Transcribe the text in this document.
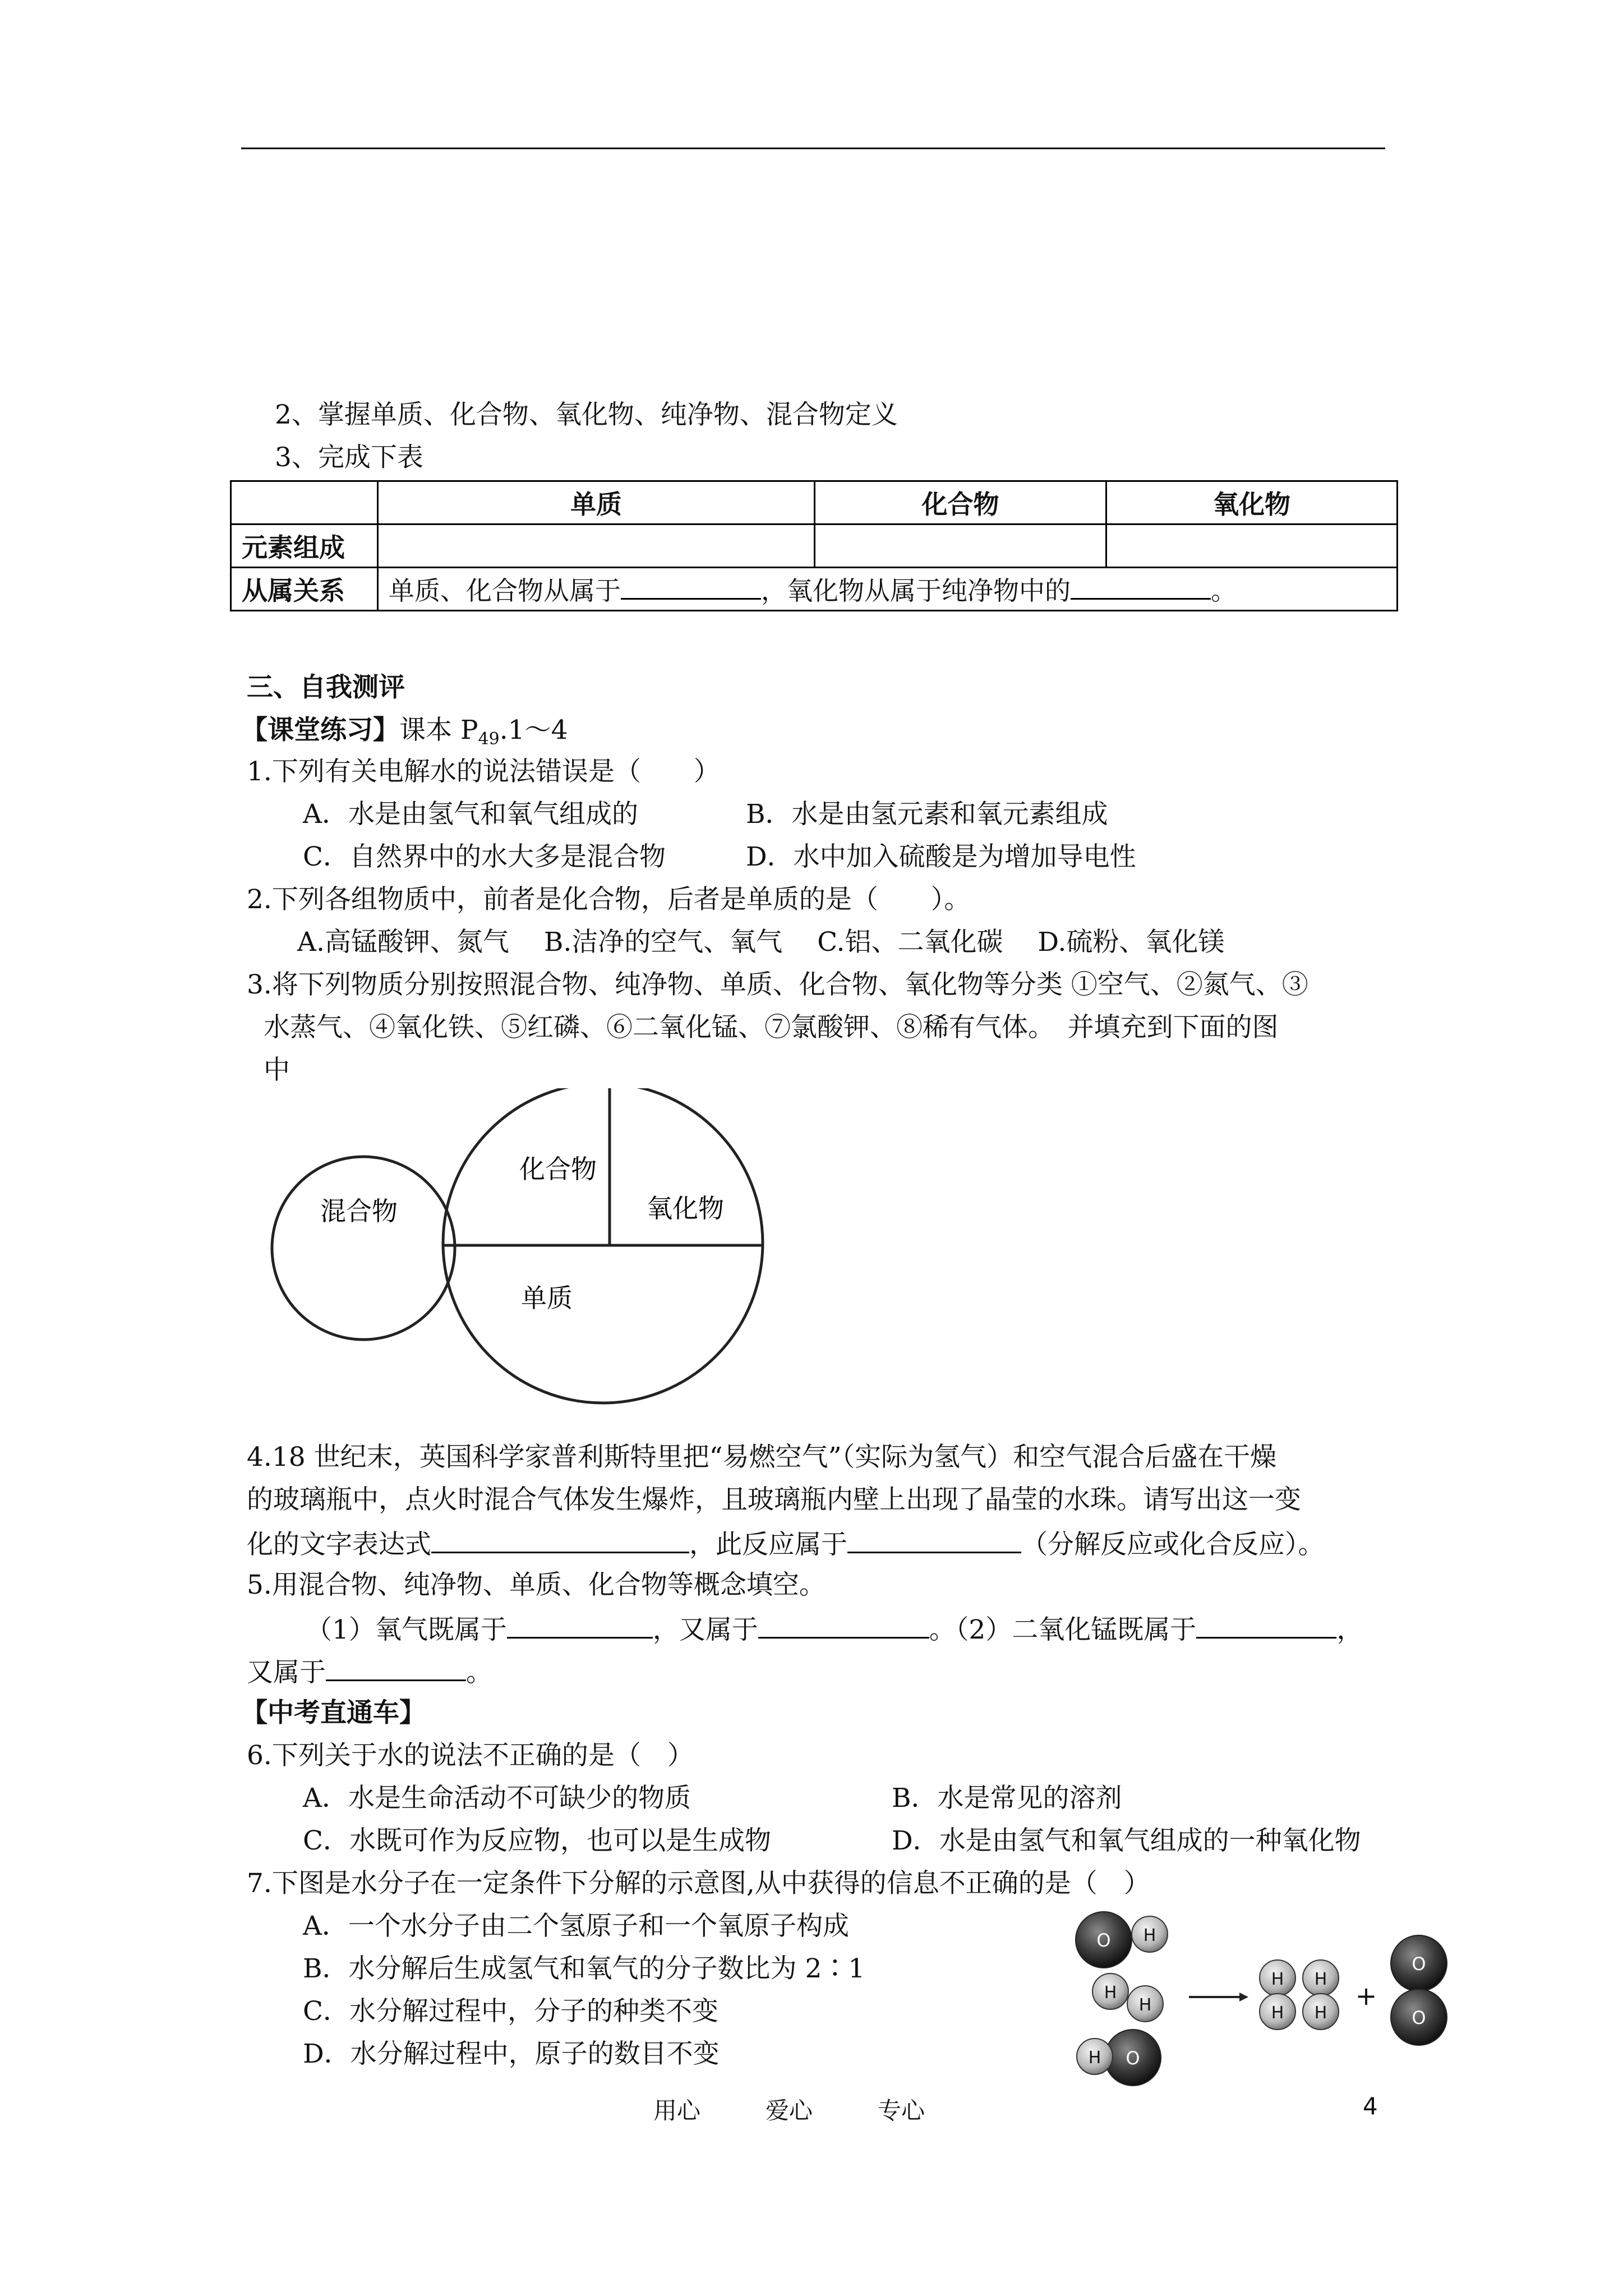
2、掌握单质、化合物、氧化物、纯净物、混合物定义
3、完成下表
	单质	化合物	氧化物
元素组成			
从属关系	单质、化合物从属于 ，氧化物从属于纯净物中的 。		
三、自我测评
【课堂练习】课本 $P_{49}.1\sim 4$
1.下列有关电解水的说法错误是（　　）
A．水是由氢气和氧气组成的	B．水是由氢元素和氧元素组成
C．自然界中的水大多是混合物	D．水中加入硫酸是为增加导电性
2.下列各组物质中，前者是化合物，后者是单质的是（　　）。
A.高锰酸钾、氮气　 B.洁净的空气、氧气　 C.铝、二氧化碳　 D.硫粉、氧化镁
3.将下列物质分别按照混合物、纯净物、单质、化合物、氧化物等分类 ①空气、②氮气、③
水蒸气、④氧化铁、⑤红磷、⑥二氧化锰、⑦氯酸钾、⑧稀有气体。　并填充到下面的图
中
混合物
化合物
氧化物
单质
4.18 世纪末，英国科学家普利斯特里把“易燃空气”（实际为氢气）和空气混合后盛在干燥
的玻璃瓶中，点火时混合气体发生爆炸，且玻璃瓶内壁上出现了晶莹的水珠。请写出这一变
化的文字表达式	，此反应属于	（分解反应或化合反应）。
5.用混合物、纯净物、单质、化合物等概念填空。
（1）氧气既属于	，又属于	。（2）二氧化锰既属于	，
又属于	。
【中考直通车】
6.下列关于水的说法不正确的是（　）
A．水是生命活动不可缺少的物质	B．水是常见的溶剂
C．水既可作为反应物，也可以是生成物	D．水是由氢气和氧气组成的一种氧化物
7.下图是水分子在一定条件下分解的示意图,从中获得的信息不正确的是（　）
A．一个水分子由二个氢原子和一个氧原子构成
B．水分解后生成氢气和氧气的分子数比为 2∶1
C．水分解过程中，分子的种类不变
D．水分解过程中，原子的数目不变
O H
H
H
O
H
H
H
H
H
+
O
O
用心	爱心	专心	4
